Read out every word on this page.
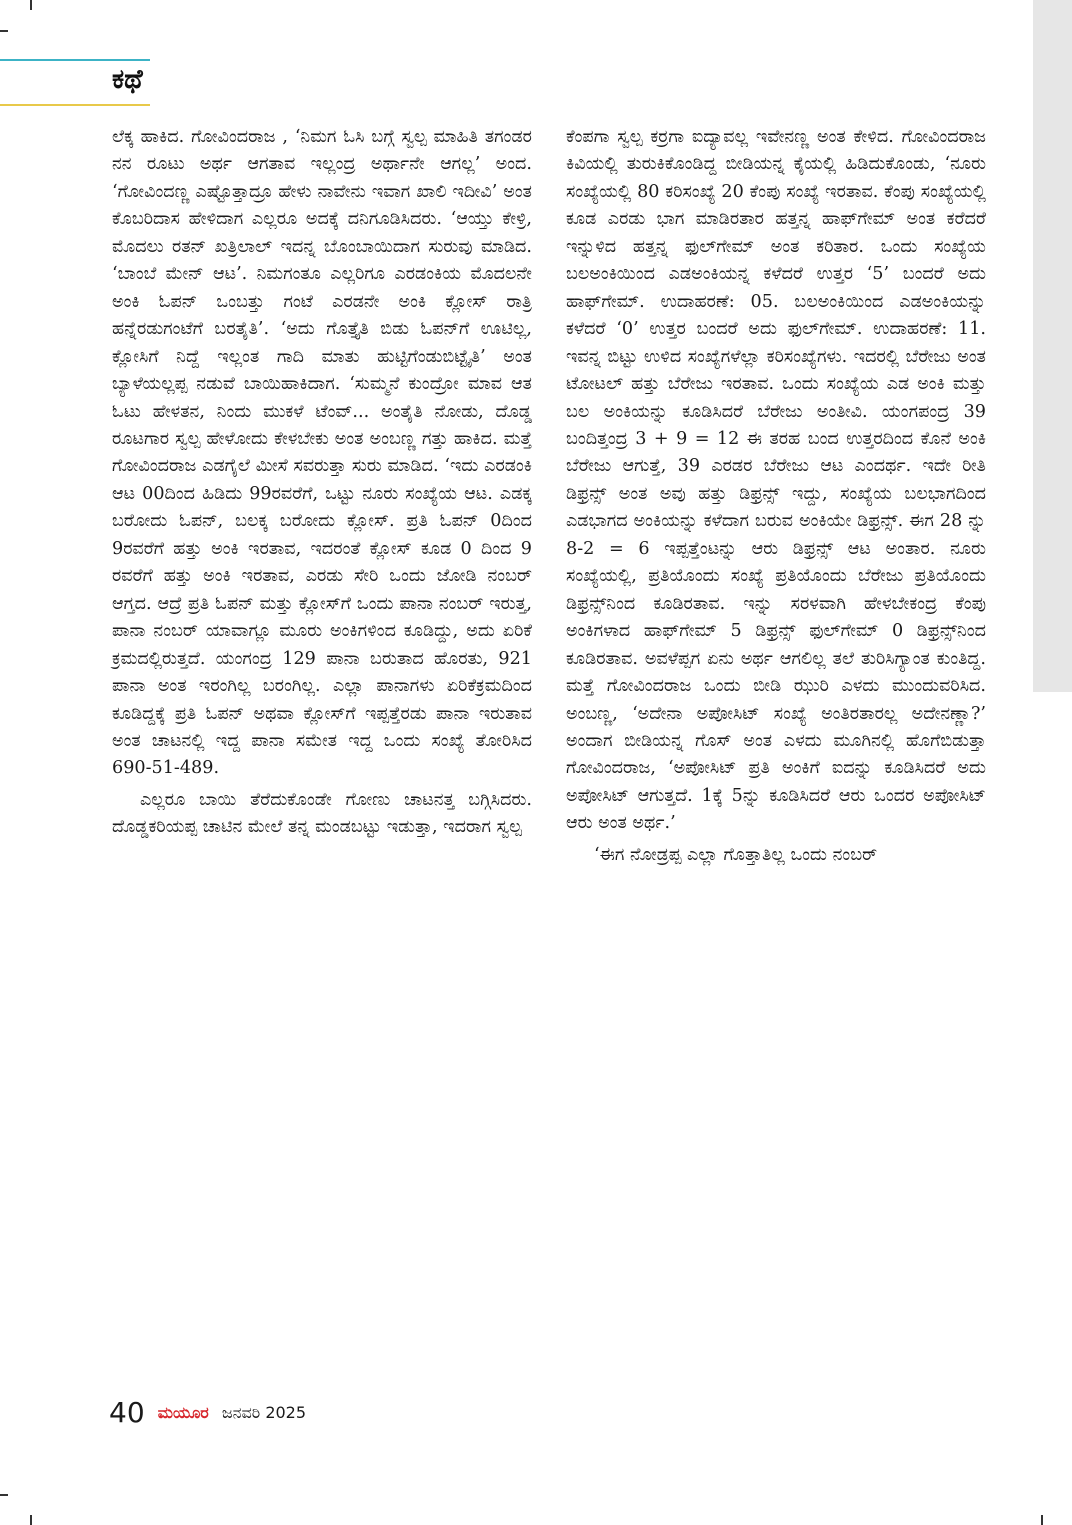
ಕಥೆ

ಲೆಕ್ಕ ಹಾಕಿದ. ಗೋವಿಂದರಾಜ , ‘ನಿಮಗ ಓಸಿ ಬಗ್ಗೆ ಸ್ವಲ್ಪ ಮಾಹಿತಿ ತಗಂಡರ ನನ ರೂಟು ಅರ್ಥ ಆಗತಾವ ಇಲ್ಲಂದ್ರ ಅರ್ಥಾನೇ ಆಗಲ್ಲ’ ಅಂದ. ‘ಗೋವಿಂದಣ್ಣ ಎಷ್ಟೊತ್ತಾದ್ರೂ ಹೇಳು ನಾವೇನು ಇವಾಗ ಖಾಲಿ ಇದೀವಿ’ ಅಂತ ಕೊಬರಿದಾಸ ಹೇಳಿದಾಗ ಎಲ್ಲರೂ ಅದಕ್ಕೆ ದನಿಗೂಡಿಸಿದರು. ‘ಆಯ್ತು ಕೇಳ್ರಿ, ಮೊದಲು ರತನ್ ಖತ್ರಿಲಾಲ್ ಇದನ್ನ ಬೊಂಬಾಯಿದಾಗ ಸುರುವು ಮಾಡಿದ. ‘ಬಾಂಬೆ ಮೇನ್ ಆಟ’. ನಿಮಗಂತೂ ಎಲ್ಲರಿಗೂ ಎರಡಂಕಿಯ ಮೊದಲನೇ ಅಂಕಿ ಓಪನ್ ಒಂಬತ್ತು ಗಂಟೆ ಎರಡನೇ ಅಂಕಿ ಕ್ಲೋಸ್ ರಾತ್ರಿ ಹನ್ನೆರಡುಗಂಟೆಗೆ ಬರತೈತಿ’. ‘ಅದು ಗೊತ್ತೈತಿ ಬಿಡು ಓಪನ್‌ಗೆ ಊಟಿಲ್ಲ, ಕ್ಲೋಸಿಗೆ ನಿದ್ದೆ ಇಲ್ಲಂತ ಗಾದಿ ಮಾತು ಹುಟ್ಟಿಗೆಂಡುಬಿಟ್ಟೈತಿ’ ಅಂತ ಬ್ಯಾಳೆಯಲ್ಲಪ್ಪ ನಡುವೆ ಬಾಯಿಹಾಕಿದಾಗ. ‘ಸುಮ್ಮನೆ ಕುಂದ್ರೋ ಮಾವ ಆತ ಓಟು ಹೇಳತನ, ನಿಂದು ಮುಕಳೆ ಟೆಂವ್... ಅಂತೈತಿ ನೋಡು, ದೊಡ್ಡ ರೂಟಗಾರ ಸ್ವಲ್ಪ ಹೇಳೋದು ಕೇಳಬೇಕು ಅಂತ ಅಂಬಣ್ಣ ಗತ್ತು ಹಾಕಿದ. ಮತ್ತೆ ಗೋವಿಂದರಾಜ ಎಡಗೈಲೆ ಮೀಸೆ ಸವರುತ್ತಾ ಸುರು ಮಾಡಿದ. ‘ಇದು ಎರಡಂಕಿ ಆಟ 00ದಿಂದ ಹಿಡಿದು 99ರವರೆಗೆ, ಒಟ್ಟು ನೂರು ಸಂಖ್ಯೆಯ ಆಟ. ಎಡಕ್ಕ ಬರೋದು ಓಪನ್, ಬಲಕ್ಕ ಬರೋದು ಕ್ಲೋಸ್. ಪ್ರತಿ ಓಪನ್ 0ದಿಂದ 9ರವರೆಗೆ ಹತ್ತು ಅಂಕಿ ಇರತಾವ, ಇದರಂತೆ ಕ್ಲೋಸ್ ಕೂಡ 0 ದಿಂದ 9 ರವರೆಗೆ ಹತ್ತು ಅಂಕಿ ಇರತಾವ, ಎರಡು ಸೇರಿ ಒಂದು ಜೋಡಿ ನಂಬರ್ ಆಗ್ತದ. ಆದ್ರೆ ಪ್ರತಿ ಓಪನ್ ಮತ್ತು ಕ್ಲೋಸ್‌ಗೆ ಒಂದು ಪಾನಾ ನಂಬರ್ ಇರುತ್ತ, ಪಾನಾ ನಂಬರ್ ಯಾವಾಗ್ಲೂ ಮೂರು ಅಂಕಿಗಳಿಂದ ಕೂಡಿದ್ದು, ಅದು ಏರಿಕೆ ಕ್ರಮದಲ್ಲಿರುತ್ತದೆ. ಯಂಗಂದ್ರ 129 ಪಾನಾ ಬರುತಾದ ಹೊರತು, 921 ಪಾನಾ ಅಂತ ಇರಂಗಿಲ್ಲ ಬರಂಗಿಲ್ಲ. ಎಲ್ಲಾ ಪಾನಾಗಳು ಏರಿಕೆಕ್ರಮದಿಂದ ಕೂಡಿದ್ದಕ್ಕೆ ಪ್ರತಿ ಓಪನ್ ಅಥವಾ ಕ್ಲೋಸ್‌ಗೆ ಇಪ್ಪತ್ತೆರಡು ಪಾನಾ ಇರುತಾವ ಅಂತ ಚಾಟನಲ್ಲಿ ಇದ್ದ ಪಾನಾ ಸಮೇತ ಇದ್ದ ಒಂದು ಸಂಖ್ಯೆ ತೋರಿಸಿದ 690-51-489.

ಎಲ್ಲರೂ ಬಾಯಿ ತೆರೆದುಕೊಂಡೇ ಗೋಣು ಚಾಟನತ್ತ ಬಗ್ಗಿಸಿದರು. ದೊಡ್ಡಕರಿಯಪ್ಪ ಚಾಟಿನ ಮೇಲೆ ತನ್ನ ಮಂಡಬಟ್ಟು ಇಡುತ್ತಾ, ಇದರಾಗ ಸ್ವಲ್ಪ

ಕೆಂಪಗಾ ಸ್ವಲ್ಪ ಕರ್‍ರಗಾ ಐದ್ಯಾವಲ್ಲ ಇವೇನಣ್ಣ ಅಂತ ಕೇಳಿದ. ಗೋವಿಂದರಾಜ ಕಿವಿಯಲ್ಲಿ ತುರುಕಿಕೊಂಡಿದ್ದ ಬೀಡಿಯನ್ನ ಕೈಯಲ್ಲಿ ಹಿಡಿದುಕೊಂಡು, ‘ನೂರು ಸಂಖ್ಯೆಯಲ್ಲಿ 80 ಕರಿಸಂಖ್ಯೆ 20 ಕೆಂಪು ಸಂಖ್ಯೆ ಇರತಾವ. ಕೆಂಪು ಸಂಖ್ಯೆಯಲ್ಲಿ ಕೂಡ ಎರಡು ಭಾಗ ಮಾಡಿರತಾರ ಹತ್ತನ್ನ ಹಾಫ್‌ಗೇಮ್ ಅಂತ ಕರೆದರೆ ಇನ್ನುಳಿದ ಹತ್ತನ್ನ ಫುಲ್‌ಗೇಮ್ ಅಂತ ಕರಿತಾರ. ಒಂದು ಸಂಖ್ಯೆಯ ಬಲಅಂಕಿಯಿಂದ ಎಡಅಂಕಿಯನ್ನ ಕಳೆದರೆ ಉತ್ತರ ‘5’ ಬಂದರೆ ಅದು ಹಾಫ್‌ಗೇಮ್. ಉದಾಹರಣೆ: 05. ಬಲಅಂಕಿಯಿಂದ ಎಡಅಂಕಿಯನ್ನು ಕಳೆದರೆ ‘0’ ಉತ್ತರ ಬಂದರೆ ಅದು ಫುಲ್‌ಗೇಮ್. ಉದಾಹರಣೆ: 11. ಇವನ್ನ ಬಿಟ್ಟು ಉಳಿದ ಸಂಖ್ಯೆಗಳೆಲ್ಲಾ ಕರಿಸಂಖ್ಯೆಗಳು. ಇದರಲ್ಲಿ ಬೆರೇಜು ಅಂತ ಟೋಟಲ್ ಹತ್ತು ಬೆರೇಜು ಇರತಾವ. ಒಂದು ಸಂಖ್ಯೆಯ ಎಡ ಅಂಕಿ ಮತ್ತು ಬಲ ಅಂಕಿಯನ್ನು ಕೂಡಿಸಿದರೆ ಬೆರೇಜು ಅಂತೀವಿ. ಯಂಗಪಂದ್ರ 39 ಬಂದಿತ್ತಂದ್ರ 3 + 9 = 12 ಈ ತರಹ ಬಂದ ಉತ್ತರದಿಂದ ಕೊನೆ ಅಂಕಿ ಬೆರೇಜು ಆಗುತ್ತೆ, 39 ಎರಡರ ಬೆರೇಜು ಆಟ ಎಂದರ್ಥ. ಇದೇ ರೀತಿ ಡಿಫ್ರನ್ಸ್ ಅಂತ ಅವು ಹತ್ತು ಡಿಫ್ರನ್ಸ್ ಇದ್ದು, ಸಂಖ್ಯೆಯ ಬಲಭಾಗದಿಂದ ಎಡಭಾಗದ ಅಂಕಿಯನ್ನು ಕಳೆದಾಗ ಬರುವ ಅಂಕಿಯೇ ಡಿಫ್ರನ್ಸ್. ಈಗ 28 ನ್ನು 8-2 = 6 ಇಪ್ಪತ್ತೆಂಟನ್ನು ಆರು ಡಿಫ್ರನ್ಸ್ ಆಟ ಅಂತಾರ. ನೂರು ಸಂಖ್ಯೆಯಲ್ಲಿ, ಪ್ರತಿಯೊಂದು ಸಂಖ್ಯೆ ಪ್ರತಿಯೊಂದು ಬೆರೇಜು ಪ್ರತಿಯೊಂದು ಡಿಫ್ರನ್ಸ್‌ನಿಂದ ಕೂಡಿರತಾವ. ಇನ್ನು ಸರಳವಾಗಿ ಹೇಳಬೇಕಂದ್ರ ಕೆಂಪು ಅಂಕಿಗಳಾದ ಹಾಫ್‌ಗೇಮ್ 5 ಡಿಫ್ರನ್ಸ್ ಫುಲ್‌ಗೇಮ್ 0 ಡಿಫ್ರನ್ಸ್‌ನಿಂದ ಕೂಡಿರತಾವ. ಅವಳೆಪ್ಪಗ ಏನು ಅರ್ಥ ಆಗಲಿಲ್ಲ ತಲೆ ತುರಿಸಿಗ್ಯಾಂತ ಕುಂತಿದ್ದ. ಮತ್ತೆ ಗೋವಿಂದರಾಜ ಒಂದು ಬೀಡಿ ಝುರಿ ಎಳದು ಮುಂದುವರಿಸಿದ. ಅಂಬಣ್ಣ, ‘ಅದೇನಾ ಅಪೋಸಿಟ್ ಸಂಖ್ಯೆ ಅಂತಿರತಾರಲ್ಲ ಅದೇನಣ್ಣಾ?’ ಅಂದಾಗ ಬೀಡಿಯನ್ನ ಗೊಸ್ ಅಂತ ಎಳದು ಮೂಗಿನಲ್ಲಿ ಹೊಗೆಬಿಡುತ್ತಾ ಗೋವಿಂದರಾಜ, ‘ಅಪೋಸಿಟ್ ಪ್ರತಿ ಅಂಕಿಗೆ ಐದನ್ನು ಕೂಡಿಸಿದರೆ ಅದು ಅಪೋಸಿಟ್ ಆಗುತ್ತದೆ. 1ಕ್ಕೆ 5ನ್ನು ಕೂಡಿಸಿದರೆ ಆರು ಒಂದರ ಅಪೋಸಿಟ್ ಆರು ಅಂತ ಅರ್ಥ.’

‘ಈಗ ನೋಡ್ರಪ್ಪ ಎಲ್ಲಾ ಗೊತ್ತಾತಿಲ್ಲ ಒಂದು ನಂಬರ್

40 ಮಯೂರ ಜನವರಿ 2025
